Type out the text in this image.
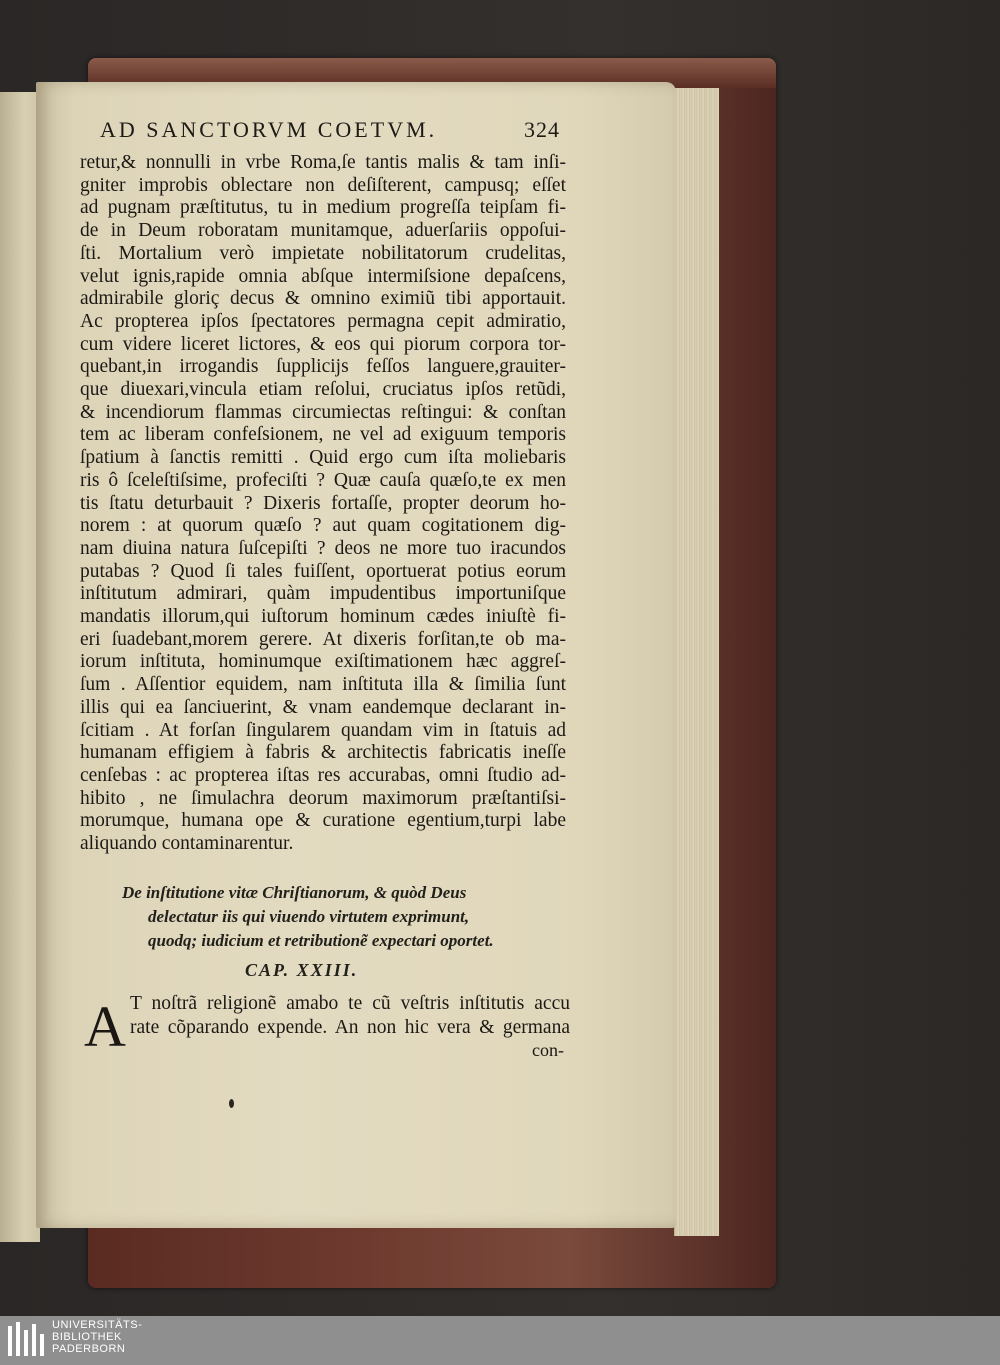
AD SANCTORVM COETVM.	324
retur,& nonnulli in vrbe Roma,ſe tantis malis & tam inſi-
gniter improbis oblectare non deſiſterent, campusq; eſſet
ad pugnam præſtitutus, tu in medium progreſſa teipſam fi-
de in Deum roboratam munitamque, aduerſariis oppoſui-
ſti. Mortalium verò impietate nobilitatorum crudelitas,
velut ignis,rapide omnia abſque intermiſsione depaſcens,
admirabile gloriç decus & omnino eximiũ tibi apportauit.
Ac propterea ipſos ſpectatores permagna cepit admiratio,
cum videre liceret lictores, & eos qui piorum corpora tor-
quebant,in irrogandis ſupplicijs feſſos languere,grauiter-
que diuexari,vincula etiam reſolui, cruciatus ipſos retũdi,
& incendiorum flammas circumiectas reſtingui: & conſtan
tem ac liberam confeſsionem, ne vel ad exiguum temporis
ſpatium à ſanctis remitti . Quid ergo cum iſta moliebaris
ris ô ſceleſtiſsime, profeciſti ? Quæ cauſa quæſo,te ex men
tis ſtatu deturbauit ? Dixeris fortaſſe, propter deorum ho-
norem : at quorum quæſo ? aut quam cogitationem dig-
nam diuina natura ſuſcepiſti ? deos ne more tuo iracundos
putabas ? Quod ſi tales fuiſſent, oportuerat potius eorum
inſtitutum admirari, quàm impudentibus importuniſque
mandatis illorum,qui iuſtorum hominum cædes iniuſtè fi-
eri ſuadebant,morem gerere. At dixeris forſitan,te ob ma-
iorum inſtituta, hominumque exiſtimationem hæc aggreſ-
ſum . Aſſentior equidem, nam inſtituta illa & ſimilia ſunt
illis qui ea ſanciuerint, & vnam eandemque declarant in-
ſcitiam . At forſan ſingularem quandam vim in ſtatuis ad
humanam effigiem à fabris & architectis fabricatis ineſſe
cenſebas : ac propterea iſtas res accurabas, omni ſtudio ad-
hibito , ne ſimulachra deorum maximorum præſtantiſsi-
morumque, humana ope & curatione egentium,turpi labe
aliquando contaminarentur.
De inſtitutione vitæ Chriſtianorum, & quòd Deus
delectatur iis qui viuendo virtutem exprimunt,
quodq; iudicium et retributionẽ expectari oportet.
CAP. XXIII.
A T noſtrã religionẽ amabo te cũ veſtris inſtitutis accu
rate cõparando expende. An non hic vera & germana
con-
UNIVERSITÄTS-
BIBLIOTHEK
PADERBORN
